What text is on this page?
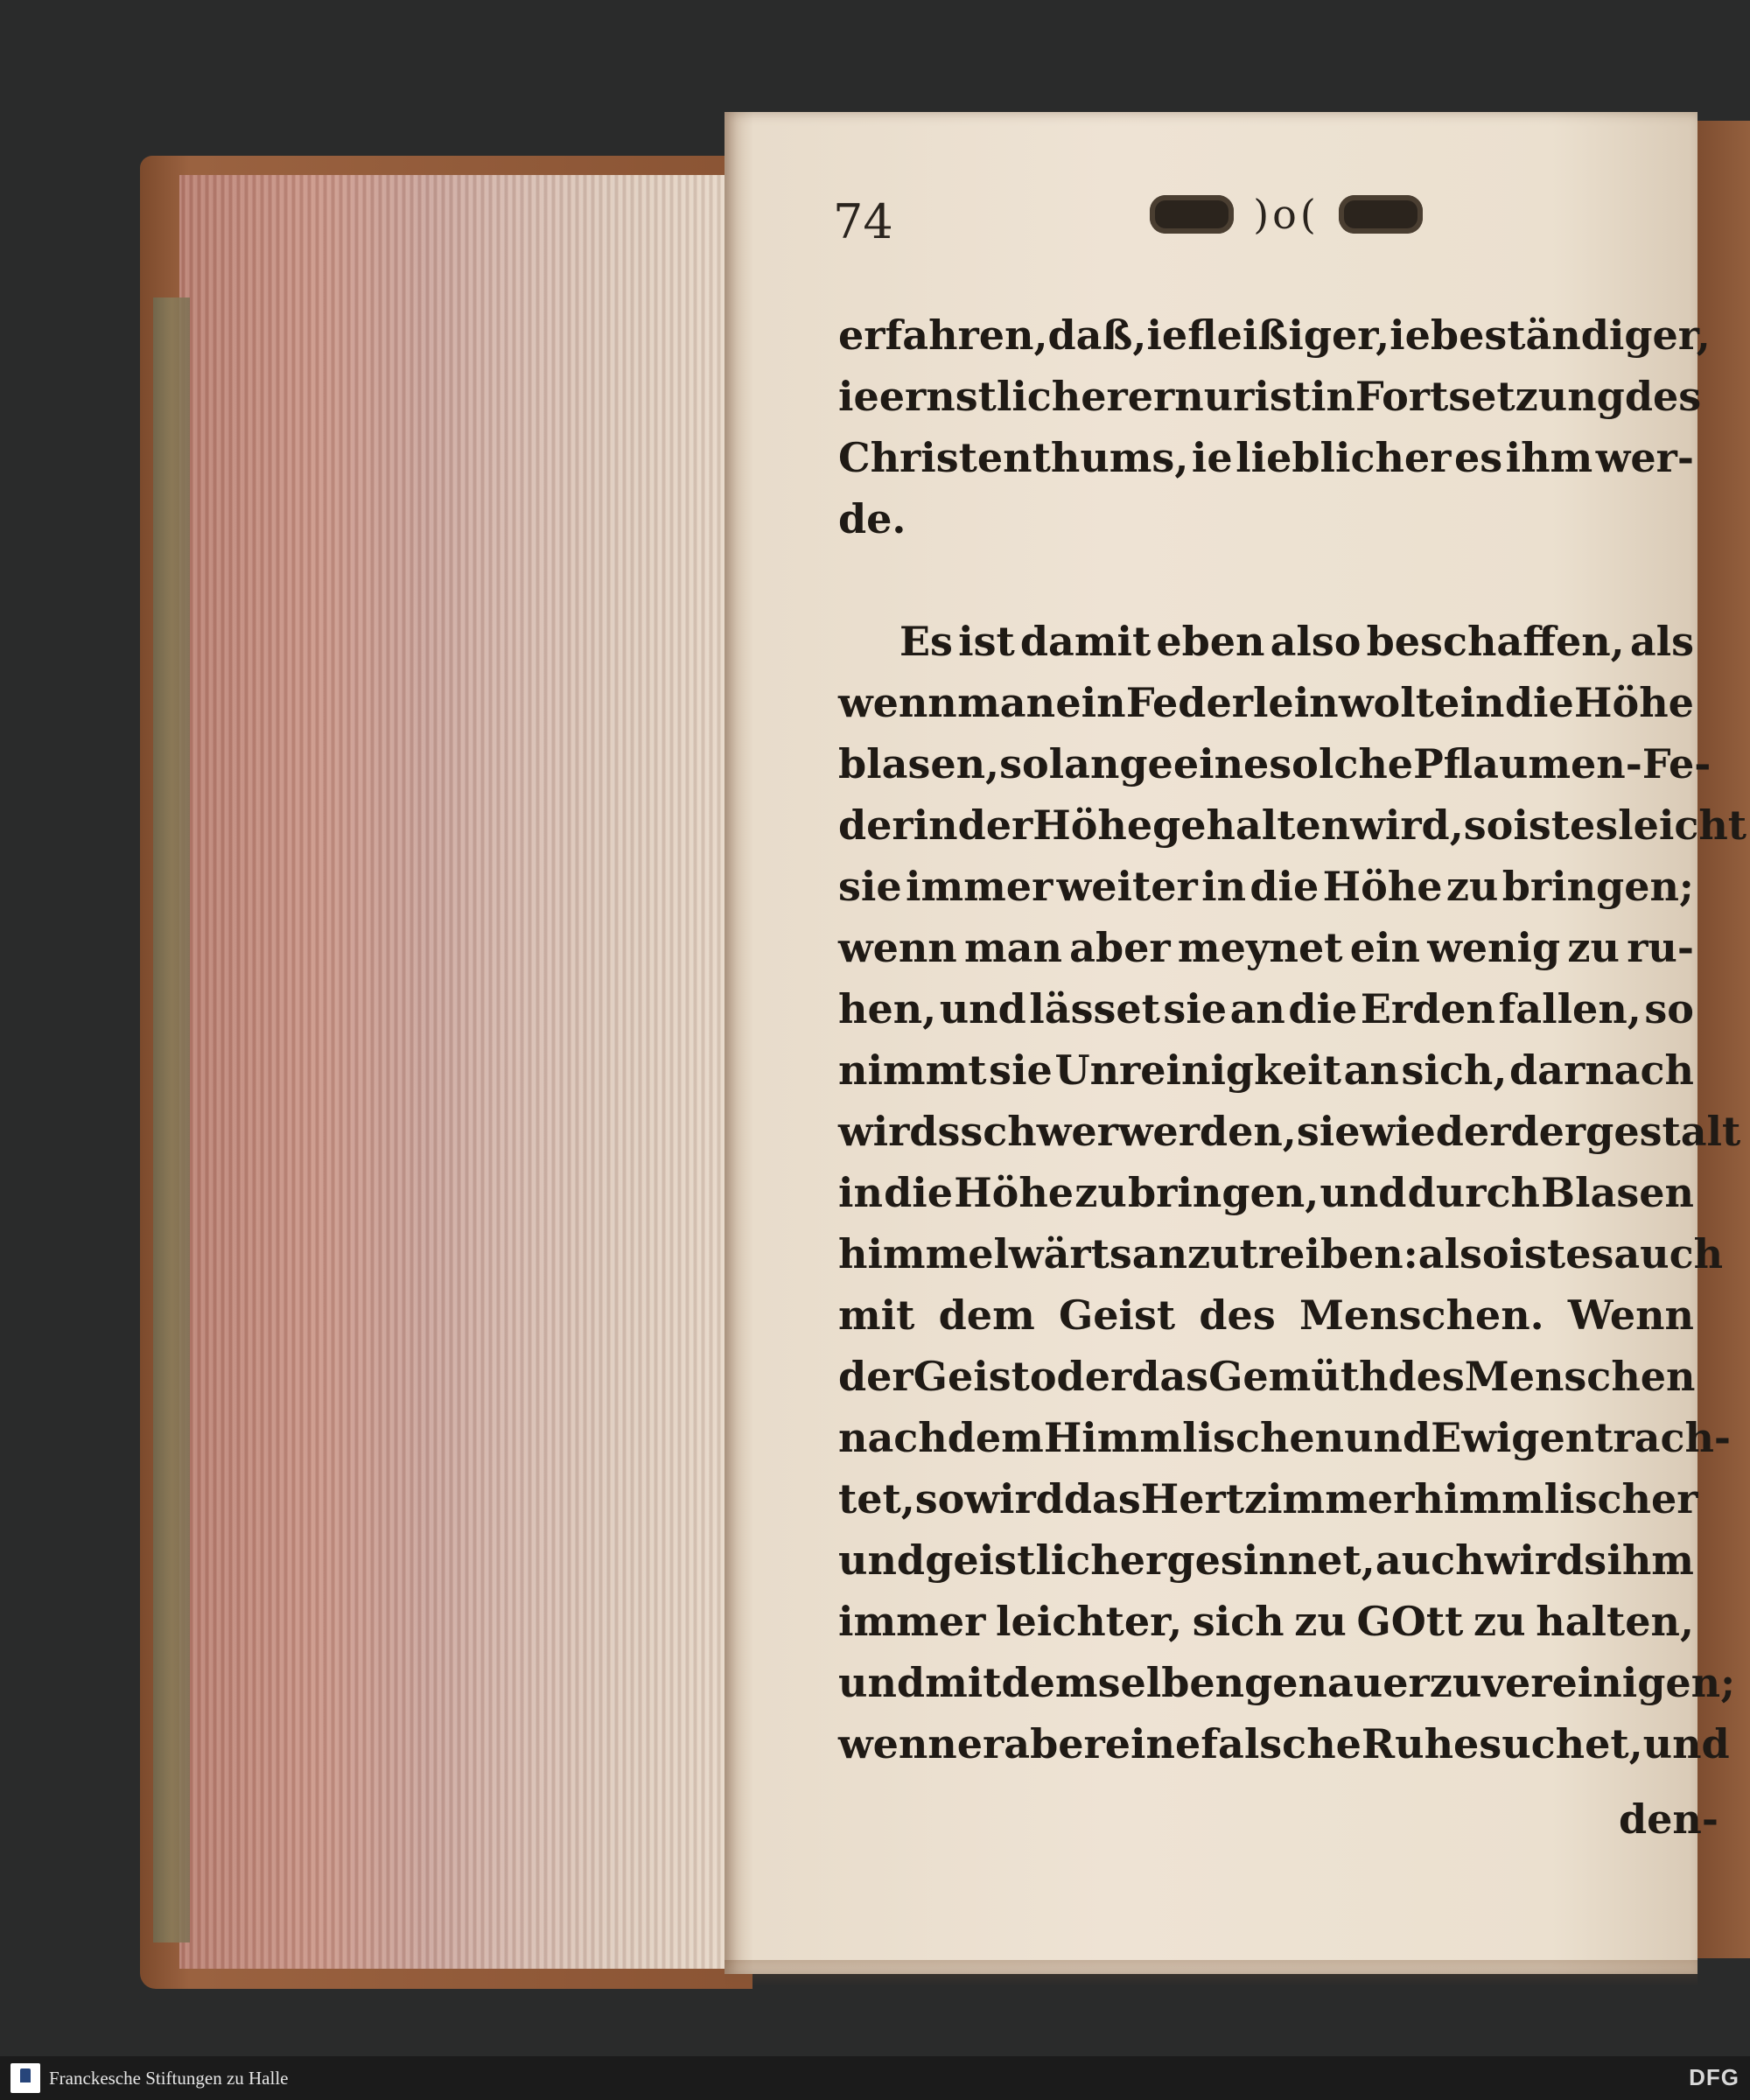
74	)o(
erfahren, daß, ie fleißiger, ie beständiger,
ie ernstlicher er nur ist in Fortsetzung des
Christenthums, ie lieblicher es ihm wer-
de.
Es ist damit eben also beschaffen, als
wenn man ein Federlein wolte in die Höhe
blasen, so lange eine solche Pflaumen-Fe-
der in der Höhe gehalten wird, so ist es leicht
sie immer weiter in die Höhe zu bringen;
wenn man aber meynet ein wenig zu ru-
hen, und lässet sie an die Erden fallen, so
nimmt sie Unreinigkeit an sich, darnach
wirds schwer werden, sie wieder dergestalt
in die Höhe zu bringen, und durch Blasen
himmelwärts anzutreiben: also ist es auch
mit dem Geist des Menschen. Wenn
der Geist oder das Gemüth des Menschen
nach dem Himmlischen und Ewigen trach-
tet, so wird das Hertz immer himmlischer
und geistlicher gesinnet, auch wirds ihm
immer leichter, sich zu GOtt zu halten,
und mit demselben genauer zu vereinigen;
wenn er aber eine falsche Ruhe suchet, und
den-
Franckesche Stiftungen zu Halle	DFG
